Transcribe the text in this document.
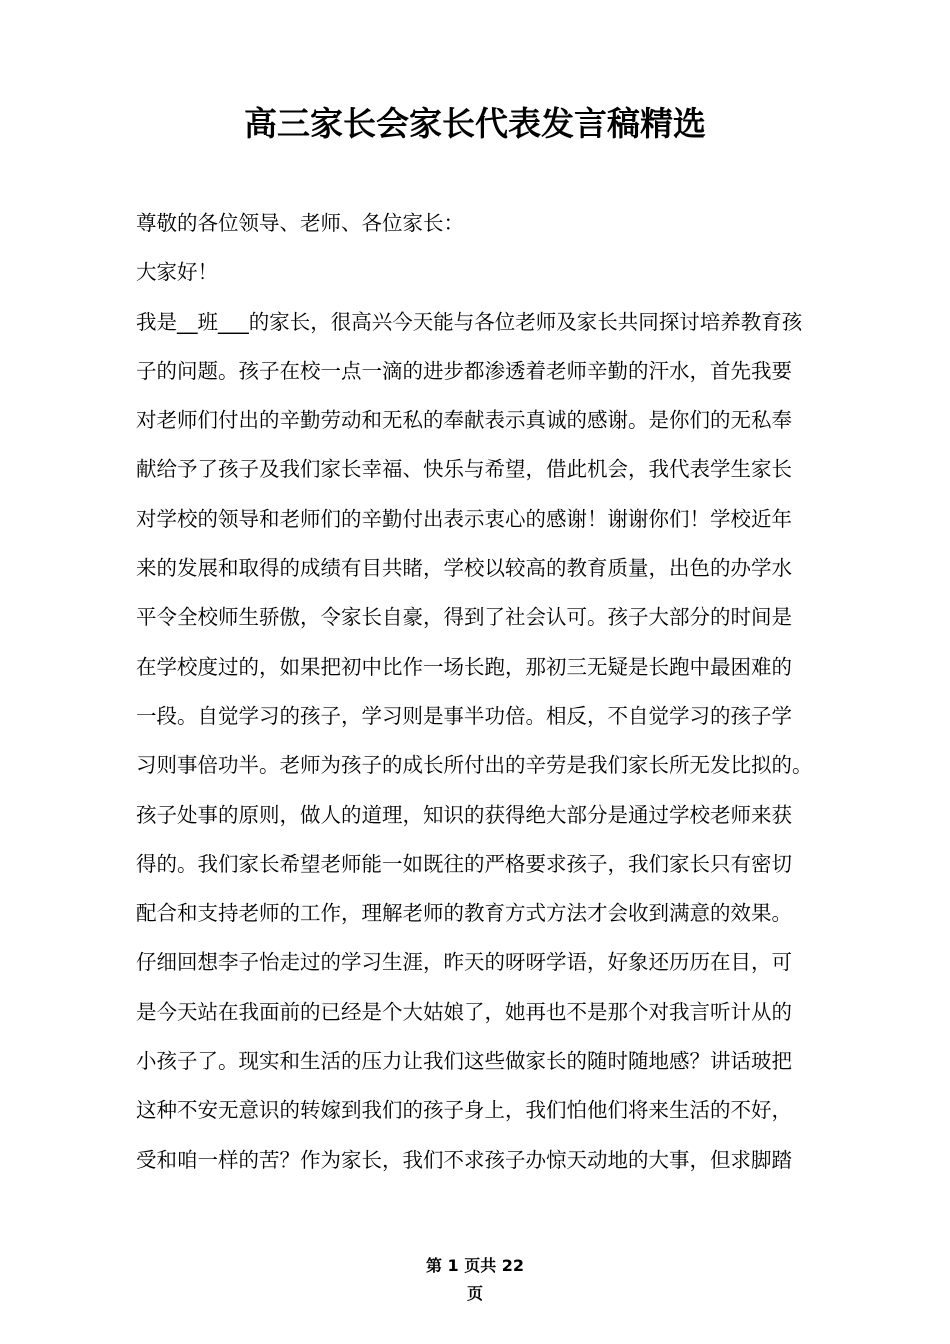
高三家长会家长代表发言稿精选
尊敬的各位领导、老师、各位家长：
大家好！
我是__班___的家长，很高兴今天能与各位老师及家长共同探讨培养教育孩
子的问题。孩子在校一点一滴的进步都渗透着老师辛勤的汗水，首先我要
对老师们付出的辛勤劳动和无私的奉献表示真诚的感谢。是你们的无私奉
献给予了孩子及我们家长幸福、快乐与希望，借此机会，我代表学生家长
对学校的领导和老师们的辛勤付出表示衷心的感谢！谢谢你们！学校近年
来的发展和取得的成绩有目共睹，学校以较高的教育质量，出色的办学水
平令全校师生骄傲，令家长自豪，得到了社会认可。孩子大部分的时间是
在学校度过的，如果把初中比作一场长跑，那初三无疑是长跑中最困难的
一段。自觉学习的孩子，学习则是事半功倍。相反，不自觉学习的孩子学
习则事倍功半。老师为孩子的成长所付出的辛劳是我们家长所无发比拟的。
孩子处事的原则，做人的道理，知识的获得绝大部分是通过学校老师来获
得的。我们家长希望老师能一如既往的严格要求孩子，我们家长只有密切
配合和支持老师的工作，理解老师的教育方式方法才会收到满意的效果。
仔细回想李子怡走过的学习生涯，昨天的呀呀学语，好象还历历在目，可
是今天站在我面前的已经是个大姑娘了，她再也不是那个对我言听计从的
小孩子了。现实和生活的压力让我们这些做家长的随时随地感？讲话玻把
这种不安无意识的转嫁到我们的孩子身上，我们怕他们将来生活的不好，
受和咱一样的苦？作为家长，我们不求孩子办惊天动地的大事，但求脚踏
第 1 页共 22
页
